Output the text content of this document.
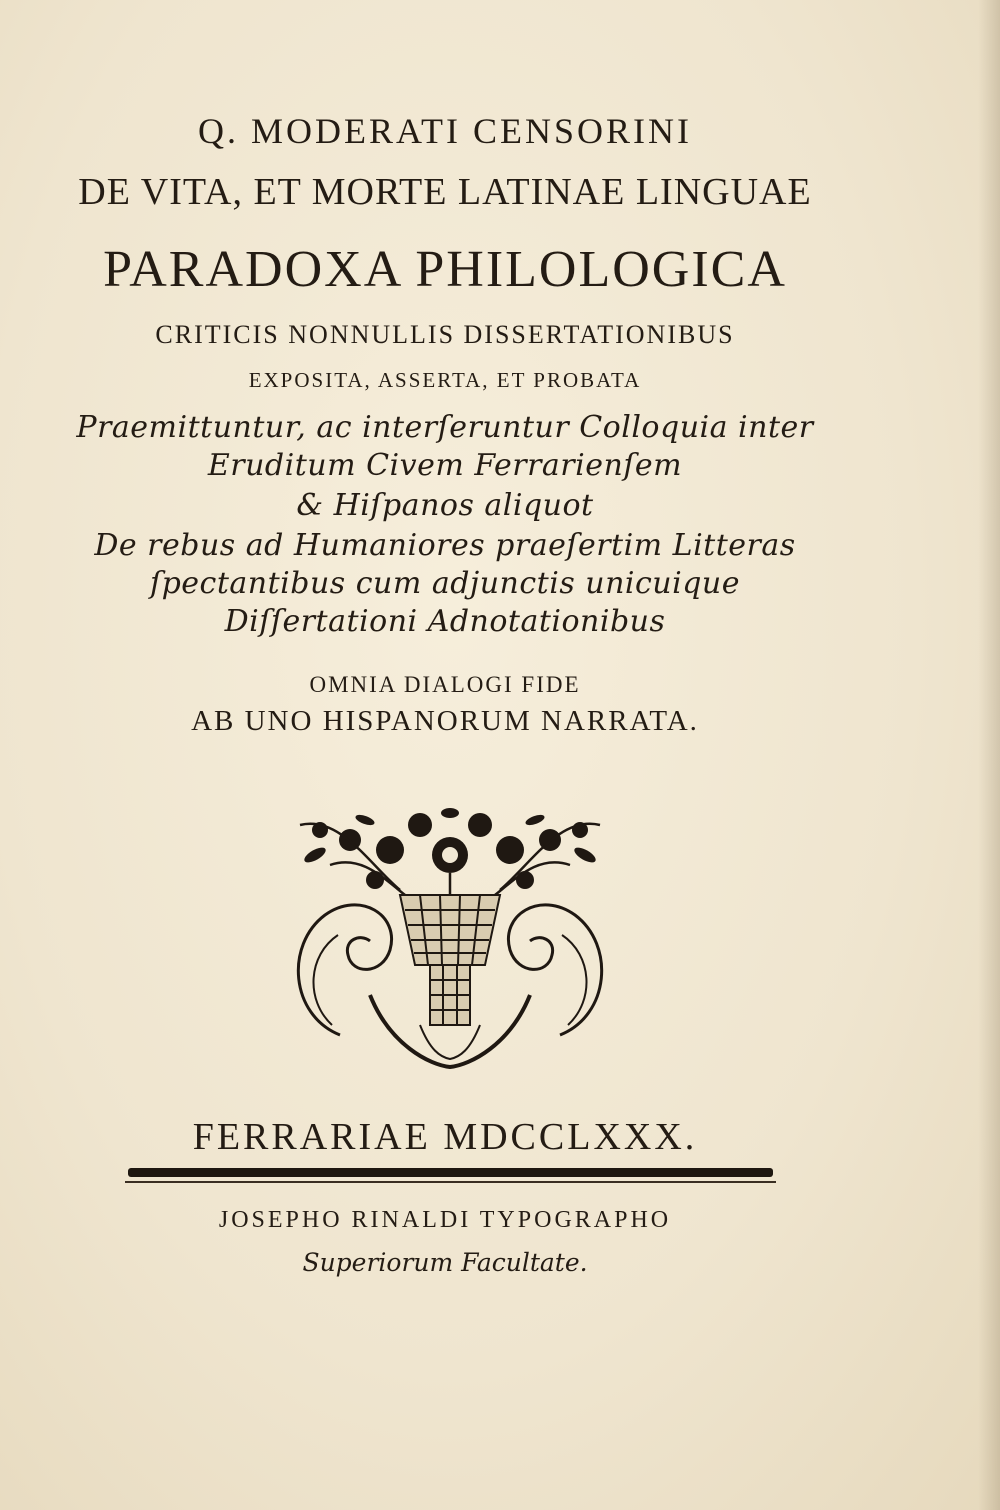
Q. MODERATI CENSORINI

DE VITA, ET MORTE LATINAE LINGUAE

PARADOXA PHILOLOGICA

CRITICIS NONNULLIS DISSERTATIONIBUS

EXPOSITA, ASSERTA, ET PROBATA

Praemittuntur, ac interſeruntur Colloquia inter

Eruditum Civem Ferrarienſem

& Hiſpanos aliquot

De rebus ad Humaniores praeſertim Litteras

ſpectantibus cum adjunctis unicuique

Diſſertationi Adnotationibus

OMNIA DIALOGI FIDE

AB UNO HISPANORUM NARRATA.

FERRARIAE MDCCLXXX.

JOSEPHO RINALDI TYPOGRAPHO

Superiorum Facultate.
